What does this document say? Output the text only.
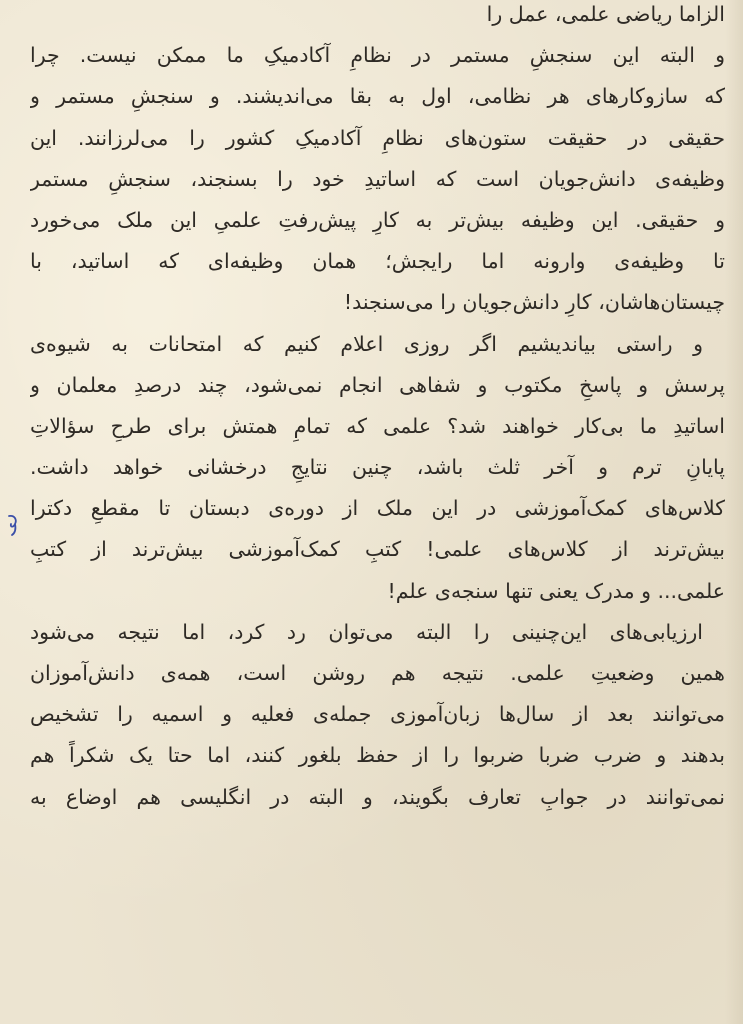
الزاما ریاضی علمی، عمل را
و البته این سنجشِ مستمر در نظامِ آکادمیکِ ما ممکن نیست. چرا
که سازوکارهای هر نظامی، اول به بقا می‌اندیشند. و سنجشِ مستمر و
حقیقی در حقیقت ستون‌های نظامِ آکادمیکِ کشور را می‌لرزانند. این
وظیفه‌ی دانش‌جویان است که اساتیدِ خود را بسنجند، سنجشِ مستمر
و حقیقی. این وظیفه بیش‌تر به کارِ پیش‌رفتِ علمیِ این ملک می‌خورد
تا وظیفه‌ی وارونه اما رایجش؛ همان وظیفه‌ای که اساتید، با
چیستان‌هاشان، کارِ دانش‌جویان را می‌سنجند!
و راستی بیاندیشیم اگر روزی اعلام کنیم که امتحانات به شیوه‌ی
پرسش و پاسخِ مکتوب و شفاهی انجام نمی‌شود، چند درصدِ معلمان و
اساتیدِ ما بی‌کار خواهند شد؟ علمی که تمامِ همتش برای طرحِ سؤالاتِ
پایانِ ترم و آخر ثلث باشد، چنین نتایجِ درخشانی خواهد داشت.
کلاس‌های کمک‌آموزشی در این ملک از دوره‌ی دبستان تا مقطعِ دکترا
بیش‌ترند از کلاس‌های علمی! کتبِ کمک‌آموزشی بیش‌ترند از کتبِ
علمی... و مدرک یعنی تنها سنجه‌ی علم!
ارزیابی‌های این‌چنینی را البته می‌توان رد کرد، اما نتیجه می‌شود
همین وضعیتِ علمی. نتیجه هم روشن است، همه‌ی دانش‌آموزان
می‌توانند بعد از سال‌ها زبان‌آموزی جمله‌ی فعلیه و اسمیه را تشخیص
بدهند و ضرب ضربا ضربوا را از حفظ بلغور کنند، اما حتا یک شکراً هم
نمی‌توانند در جوابِ تعارف بگویند، و البته در انگلیسی هم اوضاع به
